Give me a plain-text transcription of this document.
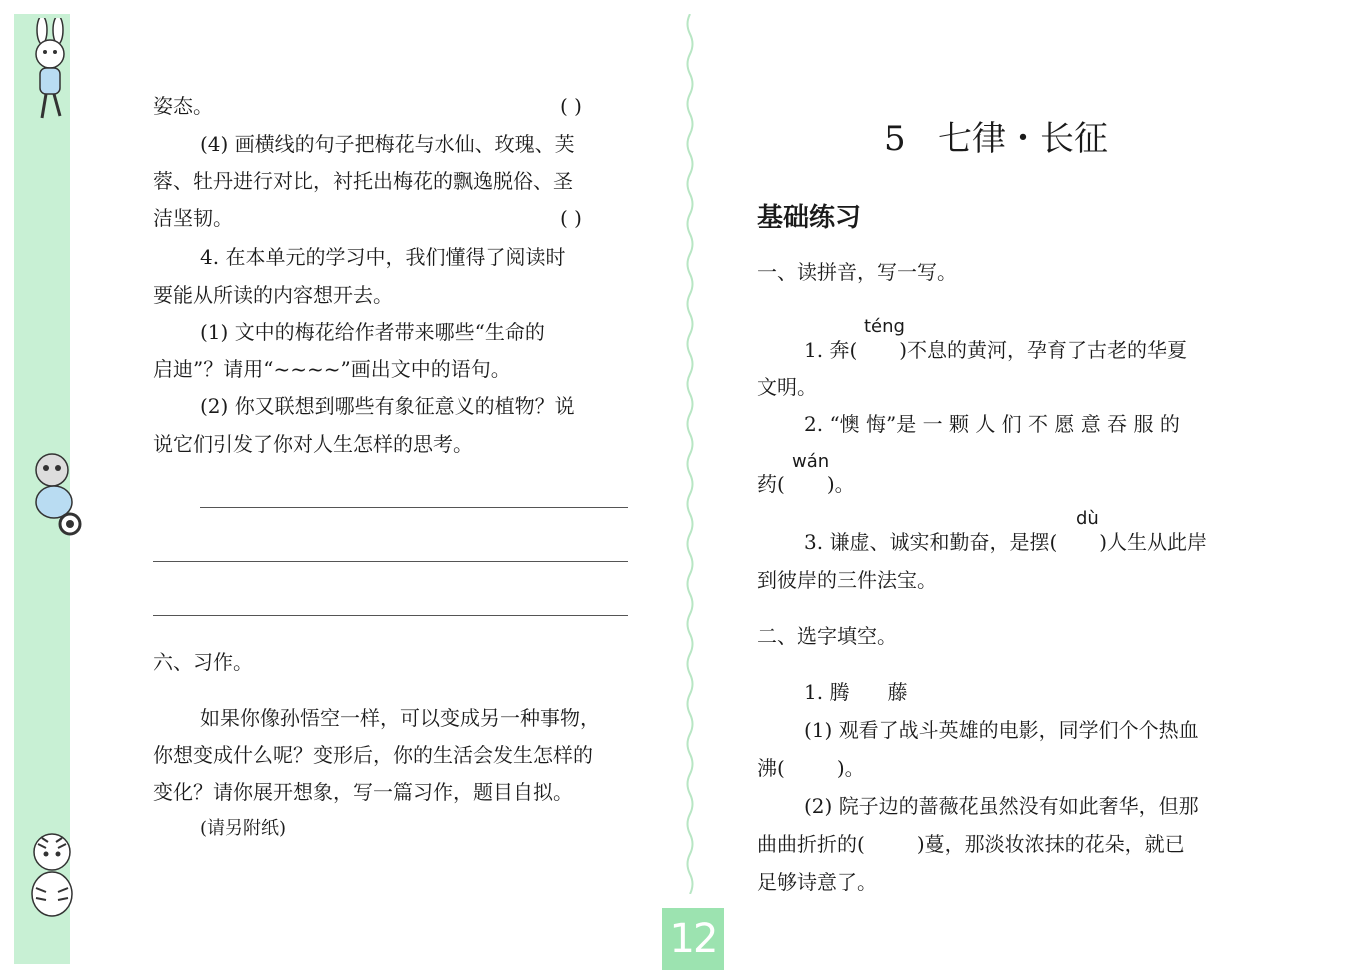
姿态。	( )
(4) 画横线的句子把梅花与水仙、玫瑰、芙
蓉、牡丹进行对比，衬托出梅花的飘逸脱俗、圣
洁坚韧。	( )
4. 在本单元的学习中，我们懂得了阅读时
要能从所读的内容想开去。
(1) 文中的梅花给作者带来哪些“生命的
启迪”？请用“~~~~”画出文中的语句。
(2) 你又联想到哪些有象征意义的植物？说
说它们引发了你对人生怎样的思考。
六、习作。
如果你像孙悟空一样，可以变成另一种事物，
你想变成什么呢？变形后，你的生活会发生怎样的
变化？请你展开想象，写一篇习作，题目自拟。
(请另附纸)
5   七律・长征
基础练习
一、读拼音，写一写。
téng
1. 奔( )不息的黄河，孕育了古老的华夏
文明。
2. “懊 悔”是 一 颗 人 们 不 愿 意 吞 服 的
wán
药( )。
dù
3. 谦虚、诚实和勤奋，是摆( )人生从此岸
到彼岸的三件法宝。
二、选字填空。
1. 腾      藤
(1) 观看了战斗英雄的电影，同学们个个热血
沸(	)。
(2) 院子边的蔷薇花虽然没有如此奢华，但那
曲曲折折的(	)蔓，那淡妆浓抹的花朵，就已
足够诗意了。
12
